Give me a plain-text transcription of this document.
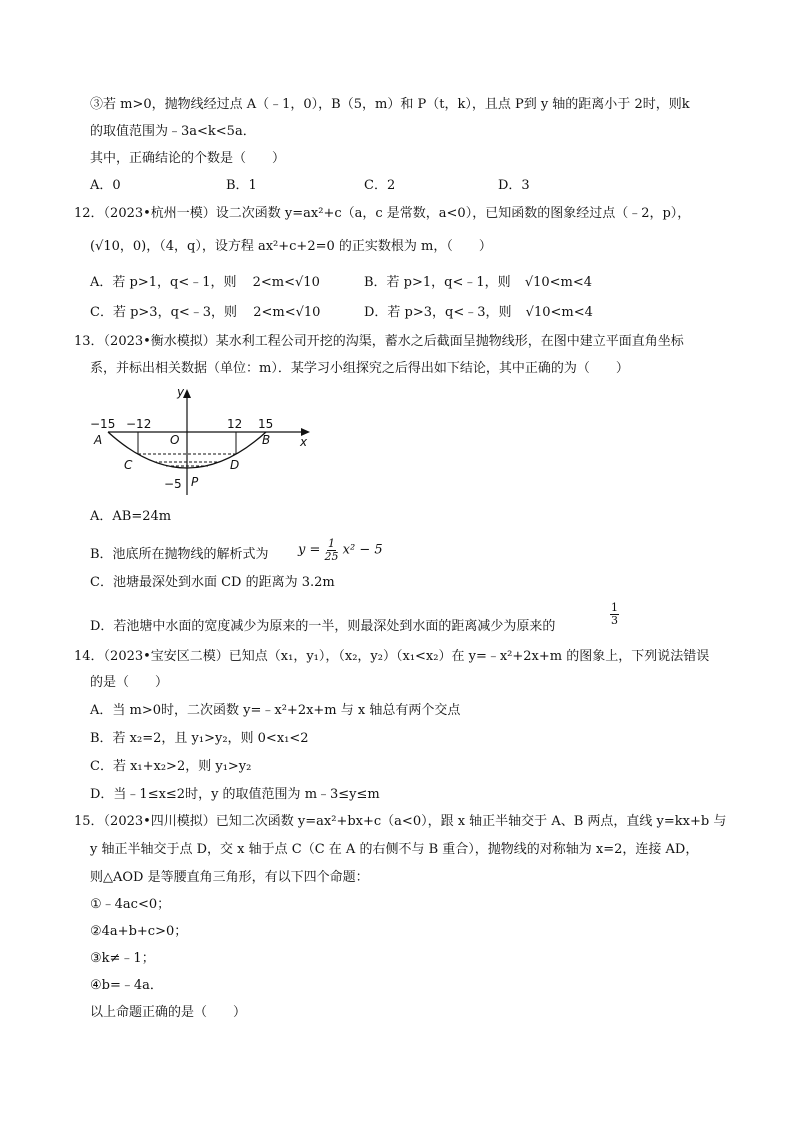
③若 m>0，抛物线经过点 A（﹣1，0），B（5，m）和 P（t，k），且点 P到 y 轴的距离小于 2时，则k
的取值范围为﹣3a<k<5a．
其中，正确结论的个数是（　　）
A．0	B．1	C．2	D．3
12．（2023•杭州一模）设二次函数 y=ax²+c（a，c 是常数，a<0），已知函数的图象经过点（﹣2，p），
(√10，0)，（4，q），设方程 ax²+c+2=0 的正实数根为 m，（　　）
A．若 p>1，q<﹣1，则 2<m<√10	B．若 p>1，q<﹣1，则 √10<m<4
C．若 p>3，q<﹣3，则 2<m<√10	D．若 p>3，q<﹣3，则 √10<m<4
13．（2023•衡水模拟）某水利工程公司开挖的沟渠，蓄水之后截面呈抛物线形，在图中建立平面直角坐标
系，并标出相关数据（单位：m）．某学习小组探究之后得出如下结论，其中正确的为（　　）
y
x
−15 −12
O
12 15
A	B
C	D
−5 P
A．AB=24m
B．池底所在抛物线的解析式为 $y = \frac{1}{25} x^2 - 5$
C．池塘最深处到水面 CD 的距离为 3.2m
D．若池塘中水面的宽度减少为原来的一半，则最深处到水面的距离减少为原来的
$\frac{1}{3}$
14．（2023•宝安区二模）已知点（x₁，y₁），（x₂，y₂）（x₁<x₂）在 y=﹣x²+2x+m 的图象上，下列说法错误
的是（　　）
A．当 m>0时，二次函数 y=﹣x²+2x+m 与 x 轴总有两个交点
B．若 x₂=2，且 y₁>y₂，则 0<x₁<2
C．若 x₁+x₂>2，则 y₁>y₂
D．当﹣1≤x≤2时，y 的取值范围为 m﹣3≤y≤m
15．（2023•四川模拟）已知二次函数 y=ax²+bx+c（a<0），跟 x 轴正半轴交于 A、B 两点，直线 y=kx+b 与
y 轴正半轴交于点 D，交 x 轴于点 C（C 在 A 的右侧不与 B 重合），抛物线的对称轴为 x=2，连接 AD，
则△AOD 是等腰直角三角形，有以下四个命题：
①﹣4ac<0；
②4a+b+c>0；
③k≠﹣1；
④b=﹣4a．
以上命题正确的是（　　）
